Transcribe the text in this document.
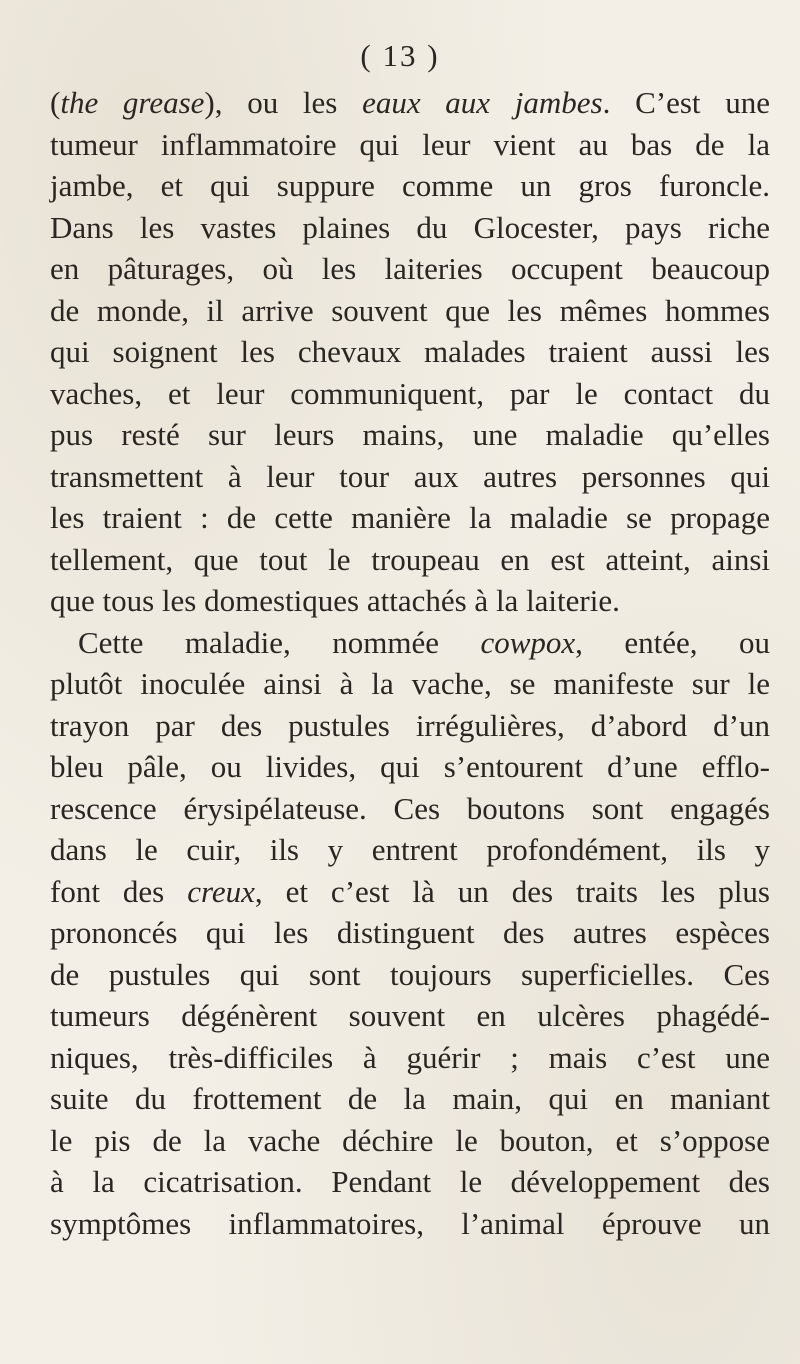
( 13 )
(the grease), ou les eaux aux jambes. C’est une
tumeur inflammatoire qui leur vient au bas de la
jambe, et qui suppure comme un gros furoncle.
Dans les vastes plaines du Glocester, pays riche
en pâturages, où les laiteries occupent beaucoup
de monde, il arrive souvent que les mêmes hommes
qui soignent les chevaux malades traient aussi les
vaches, et leur communiquent, par le contact du
pus resté sur leurs mains, une maladie qu’elles
transmettent à leur tour aux autres personnes qui
les traient : de cette manière la maladie se propage
tellement, que tout le troupeau en est atteint, ainsi
que tous les domestiques attachés à la laiterie.
Cette maladie, nommée cowpox, entée, ou
plutôt inoculée ainsi à la vache, se manifeste sur le
trayon par des pustules irrégulières, d’abord d’un
bleu pâle, ou livides, qui s’entourent d’une efflo-
rescence érysipélateuse. Ces boutons sont engagés
dans le cuir, ils y entrent profondément, ils y
font des creux, et c’est là un des traits les plus
prononcés qui les distinguent des autres espèces
de pustules qui sont toujours superficielles. Ces
tumeurs dégénèrent souvent en ulcères phagédé-
niques, très-difficiles à guérir ; mais c’est une
suite du frottement de la main, qui en maniant
le pis de la vache déchire le bouton, et s’oppose
à la cicatrisation. Pendant le développement des
symptômes inflammatoires, l’animal éprouve un
